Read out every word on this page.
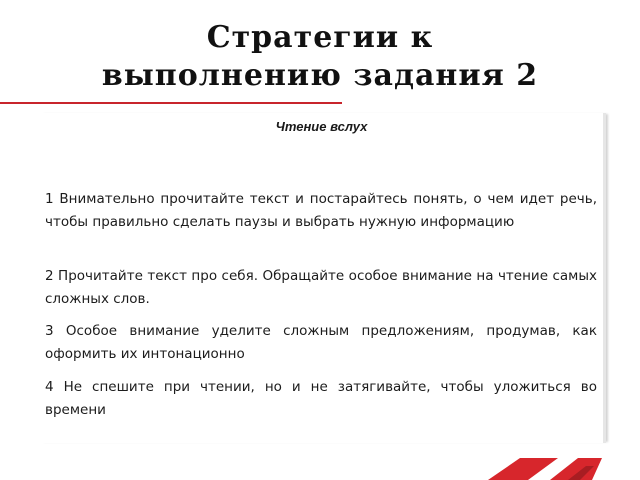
Стратегии к
выполнению задания 2

Чтение вслух

1 Внимательно прочитайте текст и постарайтесь понять, о чем идет речь, чтобы правильно сделать паузы и выбрать нужную информацию

2 Прочитайте текст про себя. Обращайте особое внимание на чтение самых сложных слов.

3 Особое внимание уделите сложным предложениям, продумав, как оформить их интонационно

4 Не спешите при чтении, но и не затягивайте, чтобы уложиться во времени
